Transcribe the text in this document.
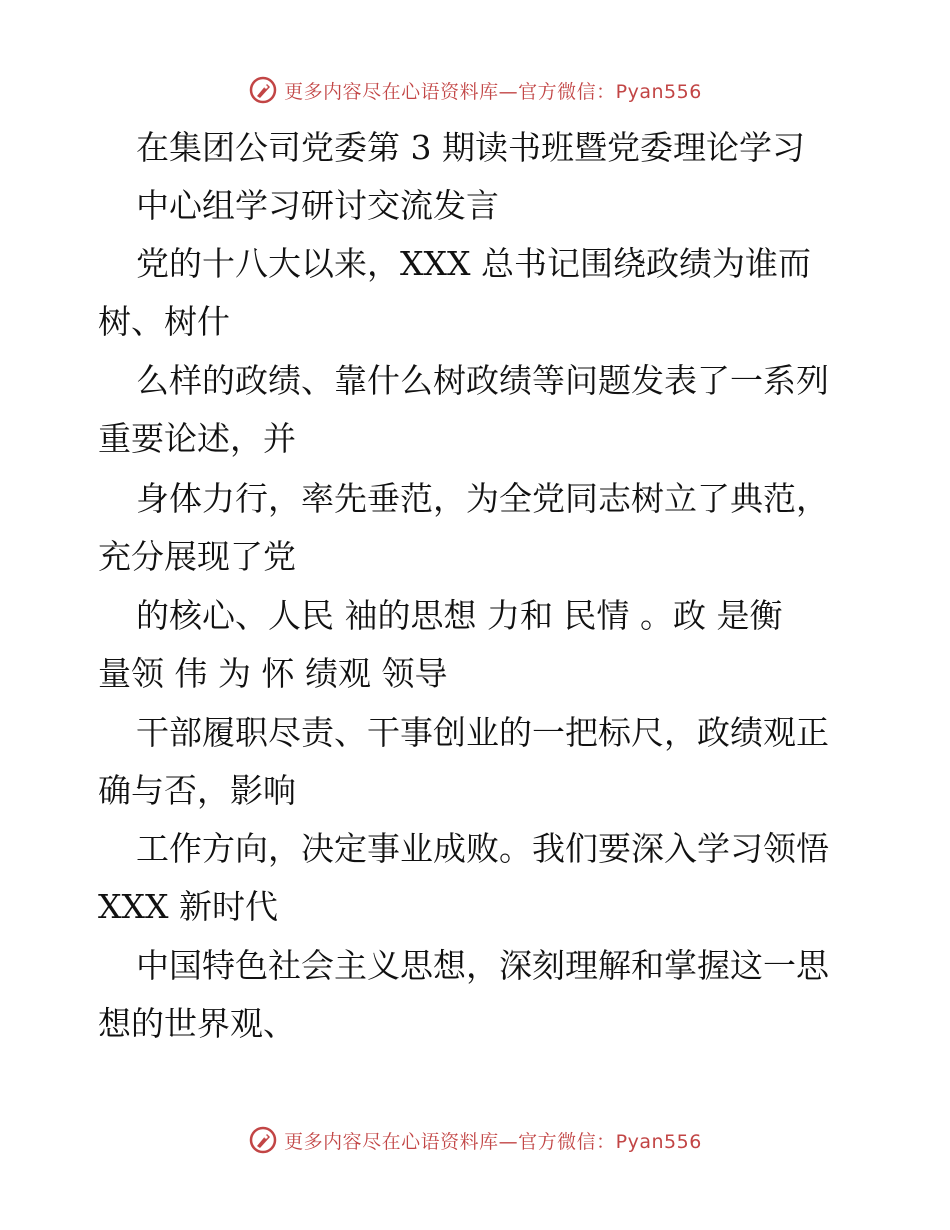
更多内容尽在心语资料库—官方微信：Pyan556
在集团公司党委第 3 期读书班暨党委理论学习
中心组学习研讨交流发言
党的十八大以来，XXX 总书记围绕政绩为谁而
树、树什
么样的政绩、靠什么树政绩等问题发表了一系列
重要论述，并
身体力行，率先垂范，为全党同志树立了典范，
充分展现了党
的核心、人民 袖的思想 力和 民情 。政 是衡
量领 伟 为 怀 绩观 领导
干部履职尽责、干事创业的一把标尺，政绩观正
确与否，影响
工作方向，决定事业成败。我们要深入学习领悟
XXX 新时代
中国特色社会主义思想，深刻理解和掌握这一思
想的世界观、
更多内容尽在心语资料库—官方微信：Pyan556
